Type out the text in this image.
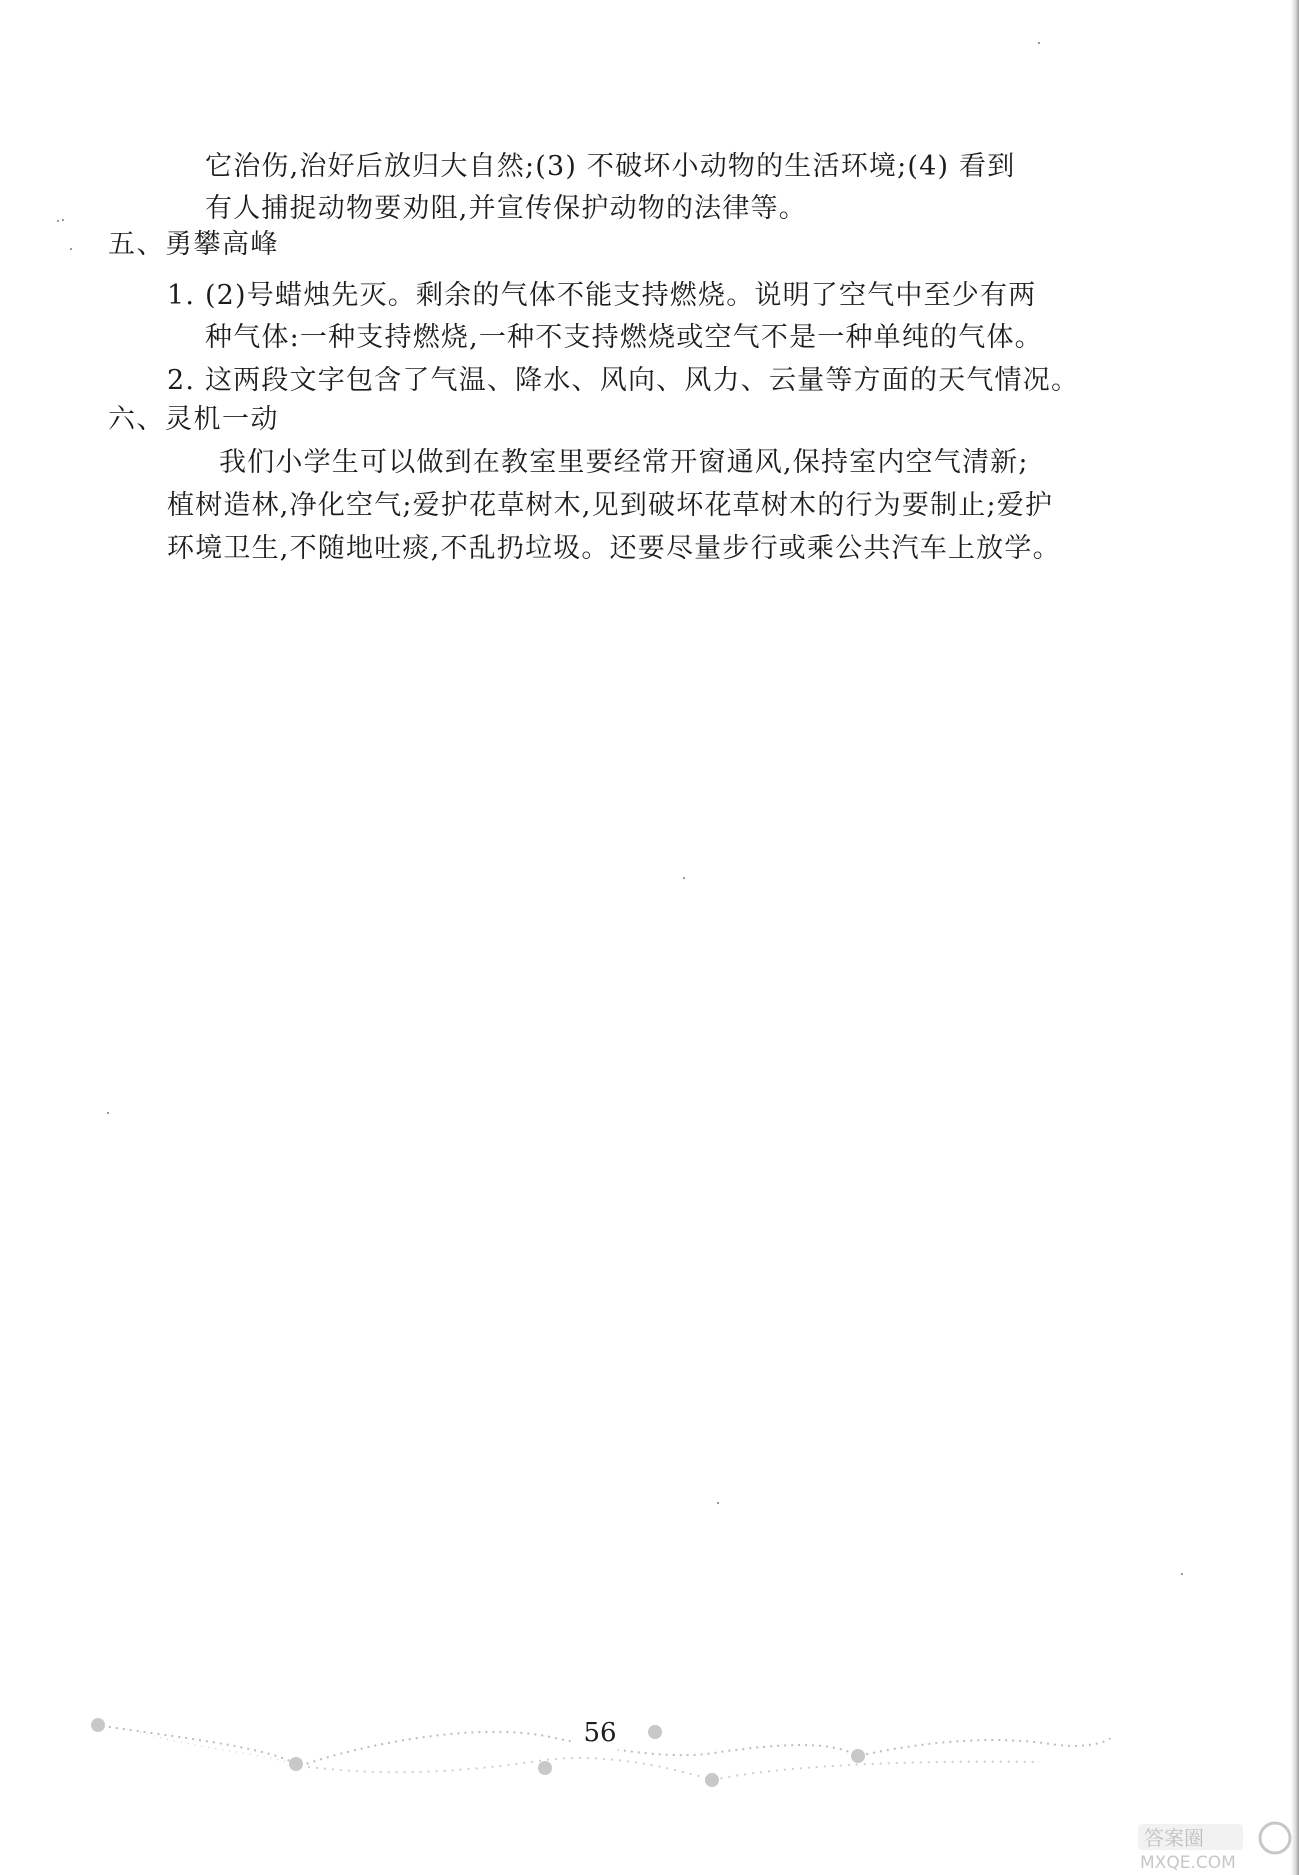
它治伤,治好后放归大自然;(3) 不破坏小动物的生活环境;(4) 看到
有人捕捉动物要劝阻,并宣传保护动物的法律等。
五、勇攀高峰
1. (2)号蜡烛先灭。剩余的气体不能支持燃烧。说明了空气中至少有两
种气体:一种支持燃烧,一种不支持燃烧或空气不是一种单纯的气体。
2. 这两段文字包含了气温、降水、风向、风力、云量等方面的天气情况。
六、灵机一动
我们小学生可以做到在教室里要经常开窗通风,保持室内空气清新;
植树造林,净化空气;爱护花草树木,见到破坏花草树木的行为要制止;爱护
环境卫生,不随地吐痰,不乱扔垃圾。还要尽量步行或乘公共汽车上放学。
56
答案圈
MXQE.COM
